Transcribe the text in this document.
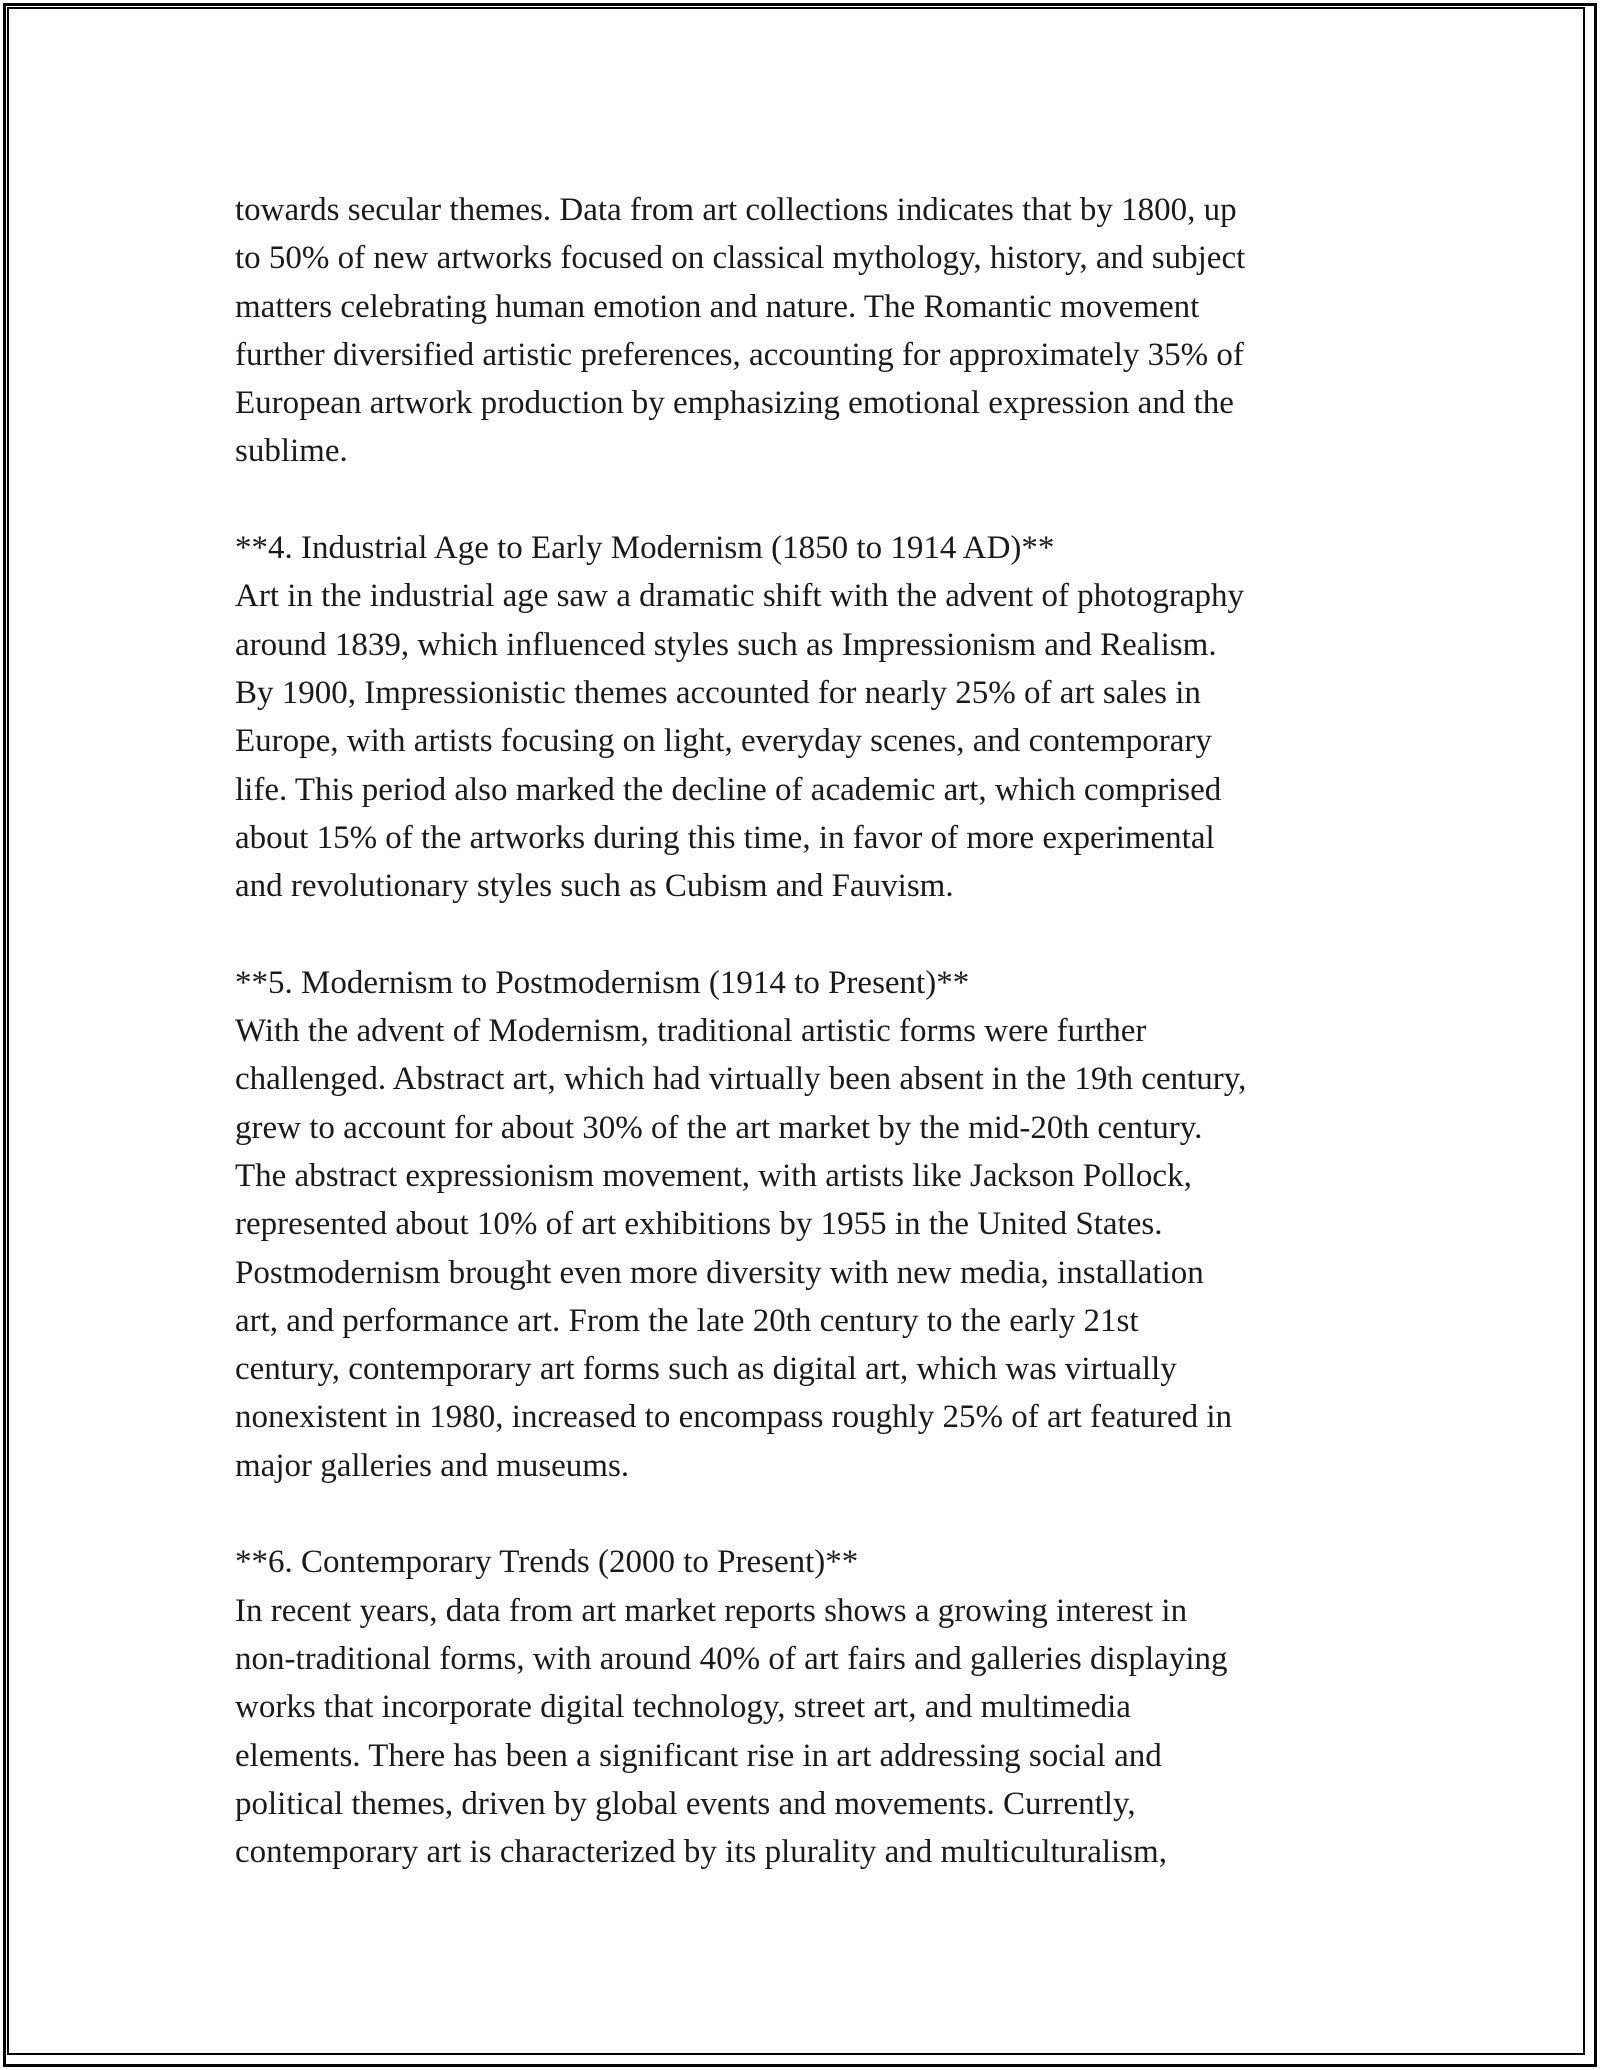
towards secular themes. Data from art collections indicates that by 1800, up
to 50% of new artworks focused on classical mythology, history, and subject
matters celebrating human emotion and nature. The Romantic movement
further diversified artistic preferences, accounting for approximately 35% of
European artwork production by emphasizing emotional expression and the
sublime.
**4. Industrial Age to Early Modernism (1850 to 1914 AD)**
Art in the industrial age saw a dramatic shift with the advent of photography
around 1839, which influenced styles such as Impressionism and Realism.
By 1900, Impressionistic themes accounted for nearly 25% of art sales in
Europe, with artists focusing on light, everyday scenes, and contemporary
life. This period also marked the decline of academic art, which comprised
about 15% of the artworks during this time, in favor of more experimental
and revolutionary styles such as Cubism and Fauvism.
**5. Modernism to Postmodernism (1914 to Present)**
With the advent of Modernism, traditional artistic forms were further
challenged. Abstract art, which had virtually been absent in the 19th century,
grew to account for about 30% of the art market by the mid-20th century.
The abstract expressionism movement, with artists like Jackson Pollock,
represented about 10% of art exhibitions by 1955 in the United States.
Postmodernism brought even more diversity with new media, installation
art, and performance art. From the late 20th century to the early 21st
century, contemporary art forms such as digital art, which was virtually
nonexistent in 1980, increased to encompass roughly 25% of art featured in
major galleries and museums.
**6. Contemporary Trends (2000 to Present)**
In recent years, data from art market reports shows a growing interest in
non-traditional forms, with around 40% of art fairs and galleries displaying
works that incorporate digital technology, street art, and multimedia
elements. There has been a significant rise in art addressing social and
political themes, driven by global events and movements. Currently,
contemporary art is characterized by its plurality and multiculturalism,
